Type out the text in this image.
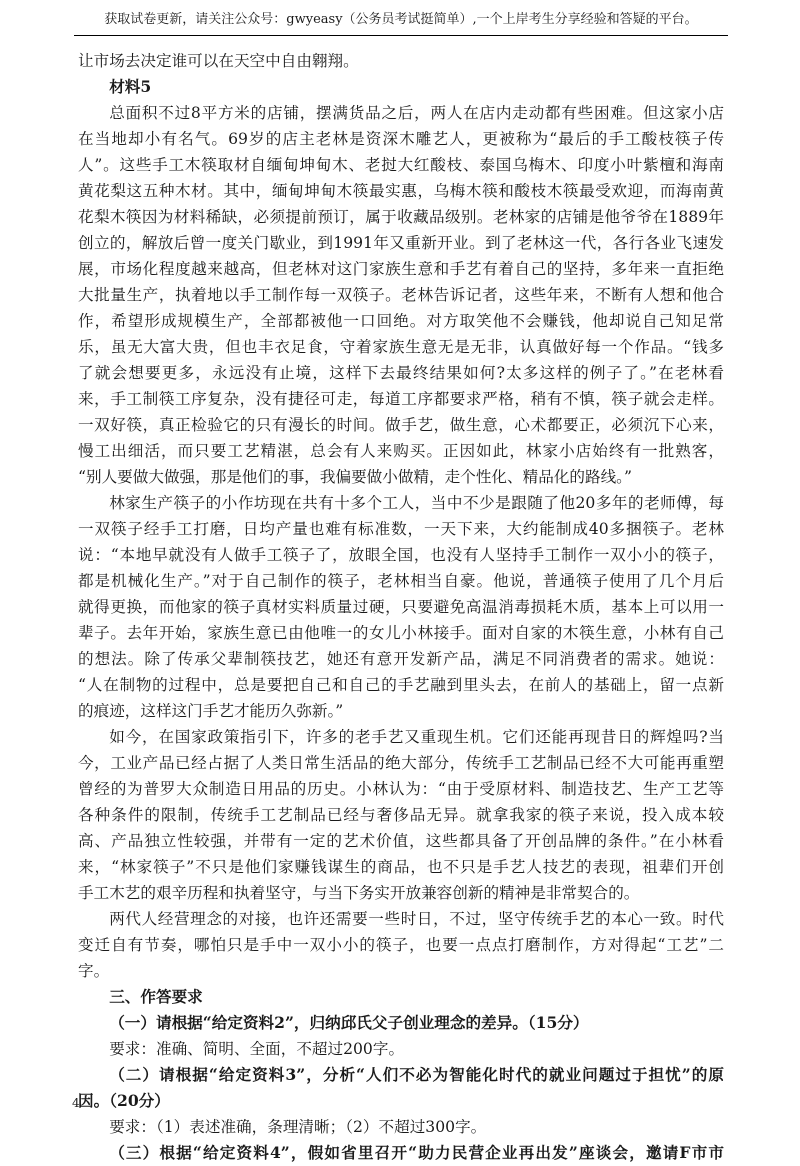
获取试卷更新，请关注公众号：gwyeasy（公务员考试挺简单）,一个上岸考生分享经验和答疑的平台。
让市场去决定谁可以在天空中自由翱翔。
材料5
总面积不过8平方米的店铺，摆满货品之后，两人在店内走动都有些困难。但这家小店
在当地却小有名气。69岁的店主老林是资深木雕艺人，更被称为“最后的手工酸枝筷子传
人”。这些手工木筷取材自缅甸坤甸木、老挝大红酸枝、泰国乌梅木、印度小叶紫檀和海南
黄花梨这五种木材。其中，缅甸坤甸木筷最实惠，乌梅木筷和酸枝木筷最受欢迎，而海南黄
花梨木筷因为材料稀缺，必须提前预订，属于收藏品级别。老林家的店铺是他爷爷在1889年
创立的，解放后曾一度关门歇业，到1991年又重新开业。到了老林这一代，各行各业飞速发
展，市场化程度越来越高，但老林对这门家族生意和手艺有着自己的坚持，多年来一直拒绝
大批量生产，执着地以手工制作每一双筷子。老林告诉记者，这些年来，不断有人想和他合
作，希望形成规模生产，全部都被他一口回绝。对方取笑他不会赚钱，他却说自己知足常
乐，虽无大富大贵，但也丰衣足食，守着家族生意无是无非，认真做好每一个作品。“钱多
了就会想要更多，永远没有止境，这样下去最终结果如何?太多这样的例子了。”在老林看
来，手工制筷工序复杂，没有捷径可走，每道工序都要求严格，稍有不慎，筷子就会走样。
一双好筷，真正检验它的只有漫长的时间。做手艺，做生意，心术都要正，必须沉下心来，
慢工出细活，而只要工艺精湛，总会有人来购买。正因如此，林家小店始终有一批熟客，
“别人要做大做强，那是他们的事，我偏要做小做精，走个性化、精品化的路线。”
林家生产筷子的小作坊现在共有十多个工人，当中不少是跟随了他20多年的老师傅，每
一双筷子经手工打磨，日均产量也难有标准数，一天下来，大约能制成40多捆筷子。老林
说：“本地早就没有人做手工筷子了，放眼全国，也没有人坚持手工制作一双小小的筷子，
都是机械化生产。”对于自己制作的筷子，老林相当自豪。他说，普通筷子使用了几个月后
就得更换，而他家的筷子真材实料质量过硬，只要避免高温消毒损耗木质，基本上可以用一
辈子。去年开始，家族生意已由他唯一的女儿小林接手。面对自家的木筷生意，小林有自己
的想法。除了传承父辈制筷技艺，她还有意开发新产品，满足不同消费者的需求。她说：
“人在制物的过程中，总是要把自己和自己的手艺融到里头去，在前人的基础上，留一点新
的痕迹，这样这门手艺才能历久弥新。”
如今，在国家政策指引下，许多的老手艺又重现生机。它们还能再现昔日的辉煌吗?当
今，工业产品已经占据了人类日常生活品的绝大部分，传统手工艺制品已经不大可能再重塑
曾经的为普罗大众制造日用品的历史。小林认为：“由于受原材料、制造技艺、生产工艺等
各种条件的限制，传统手工艺制品已经与奢侈品无异。就拿我家的筷子来说，投入成本较
高、产品独立性较强，并带有一定的艺术价值，这些都具备了开创品牌的条件。”在小林看
来，“林家筷子”不只是他们家赚钱谋生的商品，也不只是手艺人技艺的表现，祖辈们开创
手工木艺的艰辛历程和执着坚守，与当下务实开放兼容创新的精神是非常契合的。
两代人经营理念的对接，也许还需要一些时日，不过，坚守传统手艺的本心一致。时代
变迁自有节奏，哪怕只是手中一双小小的筷子，也要一点点打磨制作，方对得起“工艺”二
字。
三、作答要求
（一）请根据“给定资料2”，归纳邱氏父子创业理念的差异。（15分）
要求：准确、简明、全面，不超过200字。
（二）请根据“给定资料3”，分析“人们不必为智能化时代的就业问题过于担忧”的原
因。（20分）
要求：（1）表述准确，条理清晰；（2）不超过300字。
（三）根据“给定资料4”，假如省里召开“助力民营企业再出发”座谈会，邀请F市市
4
